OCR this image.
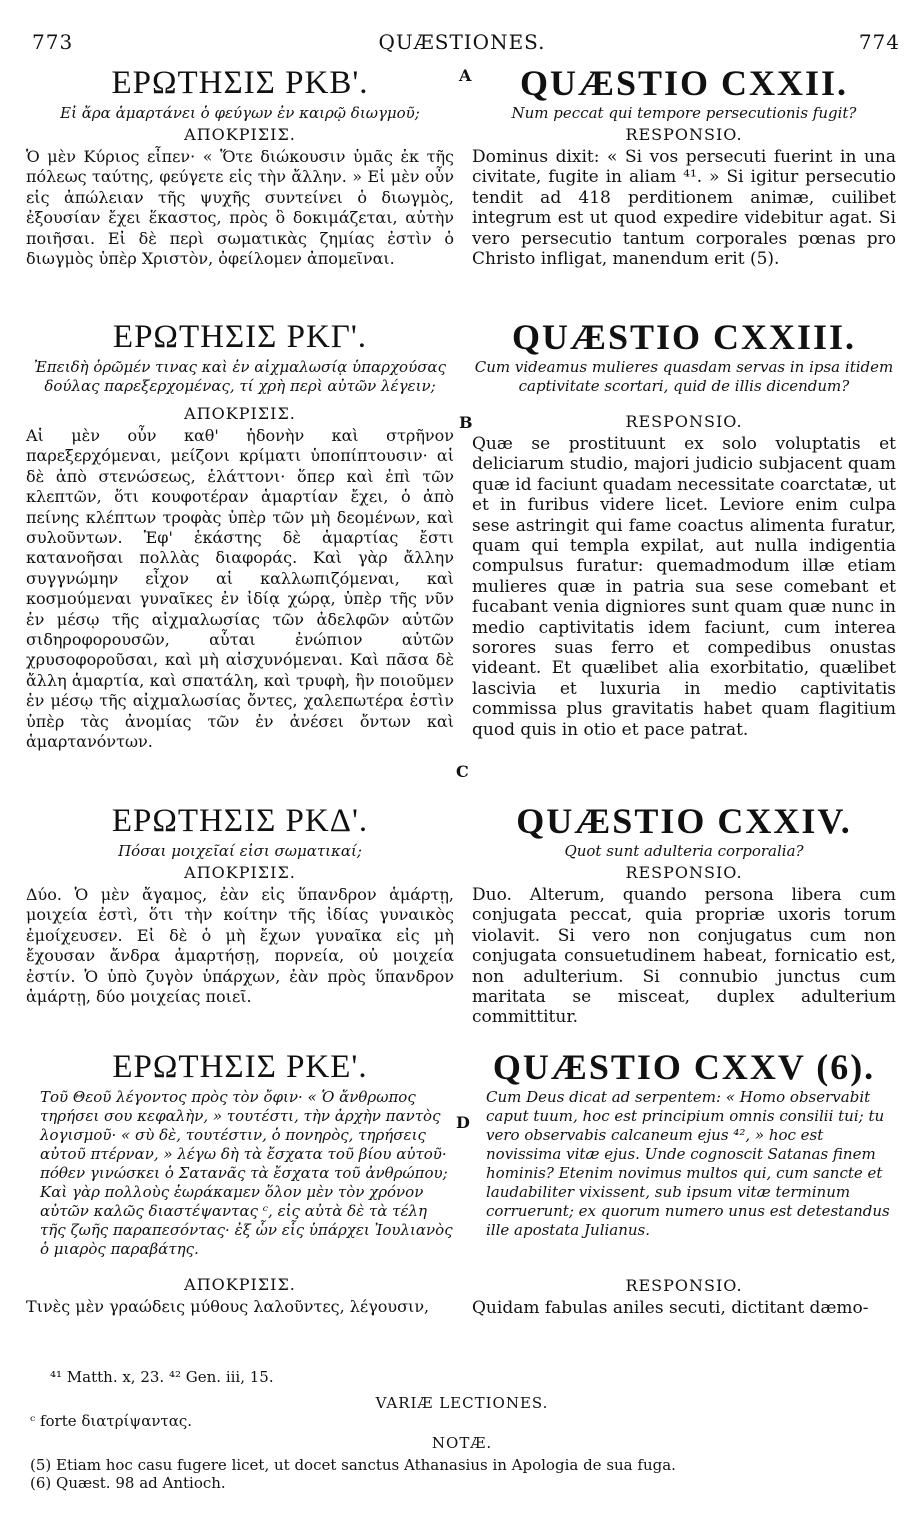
773	QUÆSTIONES.	774
A
B
C
D

ΕΡΩΤΗΣΙΣ ΡΚΒ'.

Εἰ ἄρα ἁμαρτάνει ὁ φεύγων ἐν καιρῷ διωγμοῦ;

ΑΠΟΚΡΙΣΙΣ.

Ὁ μὲν Κύριος εἶπεν· « Ὅτε διώκουσιν ὑμᾶς ἐκ τῆς πόλεως ταύτης, φεύγετε εἰς τὴν ἄλλην. » Εἰ μὲν οὖν εἰς ἀπώλειαν τῆς ψυχῆς συντείνει ὁ διωγμὸς, ἐξουσίαν ἔχει ἕκαστος, πρὸς ὃ δοκιμάζεται, αὐτὴν ποιῆσαι. Εἰ δὲ περὶ σωματικὰς ζημίας ἐστὶν ὁ διωγμὸς ὑπὲρ Χριστὸν, ὀφείλομεν ἀπομεῖναι.

ΕΡΩΤΗΣΙΣ ΡΚΓ'.

Ἐπειδὴ ὁρῶμέν τινας καὶ ἐν αἰχμαλωσίᾳ ὑπαρχούσας δούλας παρεξερχομένας, τί χρὴ περὶ αὐτῶν λέγειν;

ΑΠΟΚΡΙΣΙΣ.

Αἱ μὲν οὖν καθ' ἡδονὴν καὶ στρῆνον παρεξερχόμεναι, μείζονι κρίματι ὑποπίπτουσιν· αἱ δὲ ἀπὸ στενώσεως, ἐλάττονι· ὅπερ καὶ ἐπὶ τῶν κλεπτῶν, ὅτι κουφοτέραν ἁμαρτίαν ἔχει, ὁ ἀπὸ πείνης κλέπτων τροφὰς ὑπὲρ τῶν μὴ δεομένων, καὶ συλοῦντων. Ἐφ' ἑκάστης δὲ ἁμαρτίας ἔστι κατανοῆσαι πολλὰς διαφοράς. Καὶ γὰρ ἄλλην συγγνώμην εἶχον αἱ καλλωπιζόμεναι, καὶ κοσμούμεναι γυναῖκες ἐν ἰδίᾳ χώρᾳ, ὑπὲρ τῆς νῦν ἐν μέσῳ τῆς αἰχμαλωσίας τῶν ἀδελφῶν αὐτῶν σιδηροφορουσῶν, αὗται ἐνώπιον αὐτῶν χρυσοφοροῦσαι, καὶ μὴ αἰσχυνόμεναι. Καὶ πᾶσα δὲ ἄλλη ἁμαρτία, καὶ σπατάλη, καὶ τρυφὴ, ἣν ποιοῦμεν ἐν μέσῳ τῆς αἰχμαλωσίας ὄντες, χαλεπωτέρα ἐστὶν ὑπὲρ τὰς ἀνομίας τῶν ἐν ἀνέσει ὄντων καὶ ἁμαρτανόντων.

ΕΡΩΤΗΣΙΣ ΡΚΔ'.

Πόσαι μοιχεῖαί εἰσι σωματικαί;

ΑΠΟΚΡΙΣΙΣ.

Δύο. Ὁ μὲν ἄγαμος, ἐὰν εἰς ὕπανδρον ἁμάρτῃ, μοιχεία ἐστὶ, ὅτι τὴν κοίτην τῆς ἰδίας γυναικὸς ἐμοίχευσεν. Εἰ δὲ ὁ μὴ ἔχων γυναῖκα εἰς μὴ ἔχουσαν ἄνδρα ἁμαρτήσῃ, πορνεία, οὐ μοιχεία ἐστίν. Ὁ ὑπὸ ζυγὸν ὑπάρχων, ἐὰν πρὸς ὕπανδρον ἁμάρτῃ, δύο μοιχείας ποιεῖ.

ΕΡΩΤΗΣΙΣ ΡΚΕ'.

Τοῦ Θεοῦ λέγοντος πρὸς τὸν ὄφιν· « Ὁ ἄνθρωπος τηρήσει σου κεφαλὴν, » τουτέστι, τὴν ἀρχὴν παντὸς λογισμοῦ· « σὺ δὲ, τουτέστιν, ὁ πονηρὸς, τηρήσεις αὐτοῦ πτέρναν, » λέγω δὴ τὰ ἔσχατα τοῦ βίου αὐτοῦ· πόθεν γινώσκει ὁ Σατανᾶς τὰ ἔσχατα τοῦ ἀνθρώπου; Καὶ γὰρ πολλοὺς ἑωράκαμεν ὅλον μὲν τὸν χρόνον αὐτῶν καλῶς διαστέψαντας ᶜ, εἰς αὐτὰ δὲ τὰ τέλη τῆς ζωῆς παραπεσόντας· ἐξ ὧν εἷς ὑπάρχει Ἰουλιανὸς ὁ μιαρὸς παραβάτης.

ΑΠΟΚΡΙΣΙΣ.

Τινὲς μὲν γραώδεις μύθους λαλοῦντες, λέγουσιν,

QUÆSTIO CXXII.

Num peccat qui tempore persecutionis fugit?

RESPONSIO.

Dominus dixit: « Si vos persecuti fuerint in una civitate, fugite in aliam ⁴¹. » Si igitur persecutio tendit ad 418 perditionem animæ, cuilibet integrum est ut quod expedire videbitur agat. Si vero persecutio tantum corporales pœnas pro Christo infligat, manendum erit (5).

QUÆSTIO CXXIII.

Cum videamus mulieres quasdam servas in ipsa itidem captivitate scortari, quid de illis dicendum?

RESPONSIO.

Quæ se prostituunt ex solo voluptatis et deliciarum studio, majori judicio subjacent quam quæ id faciunt quadam necessitate coarctatæ, ut et in furibus videre licet. Leviore enim culpa sese astringit qui fame coactus alimenta furatur, quam qui templa expilat, aut nulla indigentia compulsus furatur: quemadmodum illæ etiam mulieres quæ in patria sua sese comebant et fucabant venia digniores sunt quam quæ nunc in medio captivitatis idem faciunt, cum interea sorores suas ferro et compedibus onustas videant. Et quælibet alia exorbitatio, quælibet lascivia et luxuria in medio captivitatis commissa plus gravitatis habet quam flagitium quod quis in otio et pace patrat.

QUÆSTIO CXXIV.

Quot sunt adulteria corporalia?

RESPONSIO.

Duo. Alterum, quando persona libera cum conjugata peccat, quia propriæ uxoris torum violavit. Si vero non conjugatus cum non conjugata consuetudinem habeat, fornicatio est, non adulterium. Si connubio junctus cum maritata se misceat, duplex adulterium committitur.

QUÆSTIO CXXV (6).

Cum Deus dicat ad serpentem: « Homo observabit caput tuum, hoc est principium omnis consilii tui; tu vero observabis calcaneum ejus ⁴², » hoc est novissima vitæ ejus. Unde cognoscit Satanas finem hominis? Etenim novimus multos qui, cum sancte et laudabiliter vixissent, sub ipsum vitæ terminum corruerunt; ex quorum numero unus est detestandus ille apostata Julianus.

RESPONSIO.

Quidam fabulas aniles secuti, dictitant dæmo-

⁴¹ Matth. x, 23. ⁴² Gen. iii, 15.
VARIÆ LECTIONES.
ᶜ forte διατρίψαντας.
NOTÆ.
(5) Etiam hoc casu fugere licet, ut docet sanctus Athanasius in Apologia de sua fuga.
(6) Quæst. 98 ad Antioch.
